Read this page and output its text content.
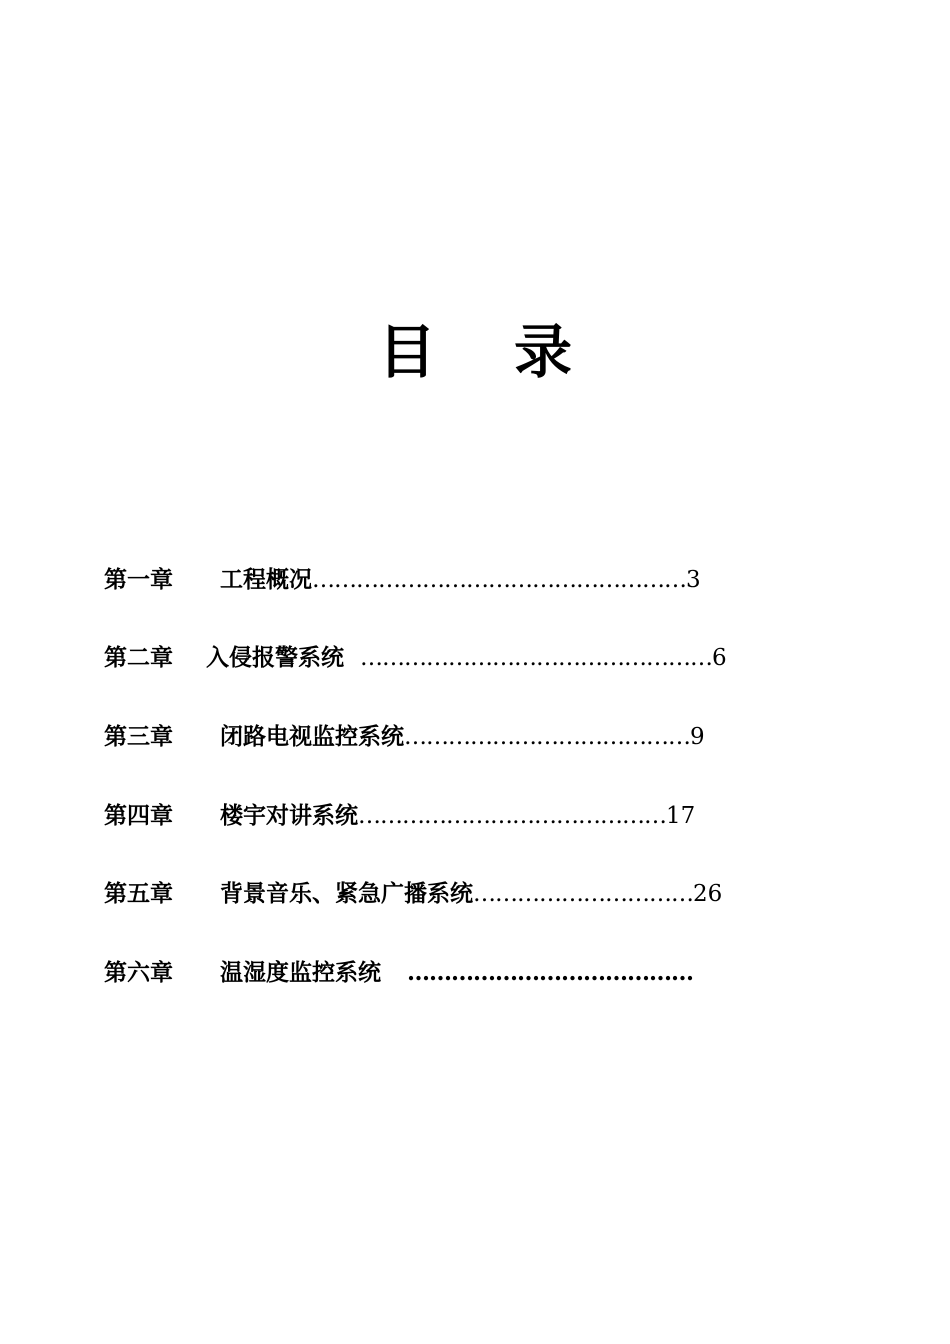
目 录
第一章 工程概况……………………………………………3
第二章 入侵报警系统 …………………………………………6
第三章 闭路电视监控系统…………………………………9
第四章 楼宇对讲系统……………………………………17
第五章 背景音乐、紧急广播系统…………………………26
第六章 温湿度监控系统 …………………………………
